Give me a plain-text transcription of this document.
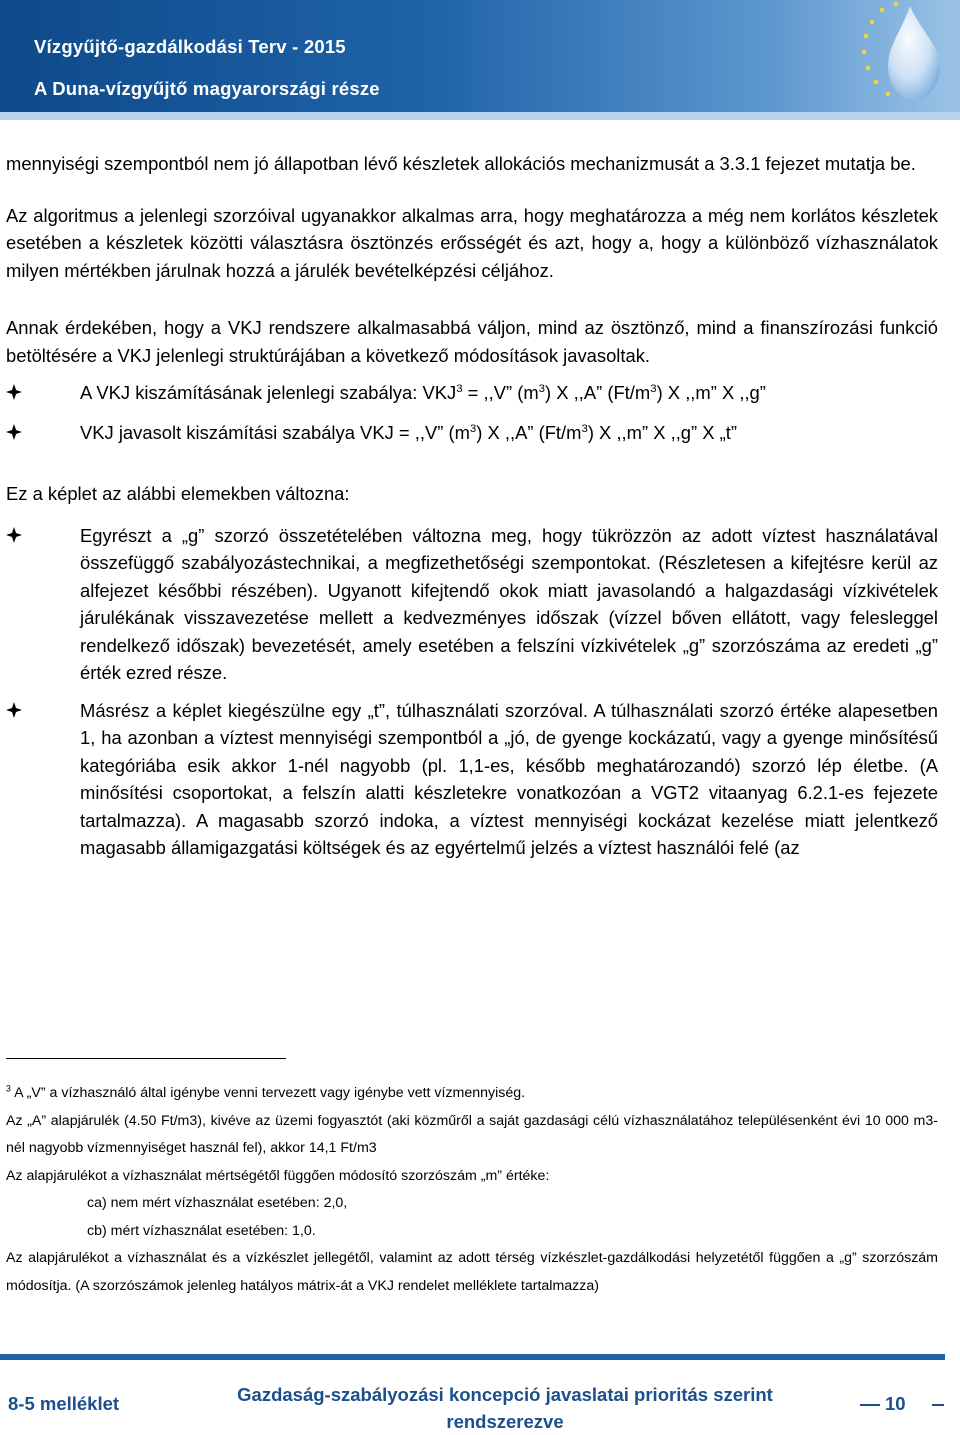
Vízgyűjtő-gazdálkodási Terv - 2015
A Duna-vízgyűjtő magyarországi része

mennyiségi szempontból nem jó állapotban lévő készletek allokációs mechanizmusát a 3.3.1 fejezet mutatja be.

Az algoritmus a jelenlegi szorzóival ugyanakkor alkalmas arra, hogy meghatározza a még nem korlátos készletek esetében a készletek közötti választásra ösztönzés erősségét és azt, hogy a, hogy a különböző vízhasználatok milyen mértékben járulnak hozzá a járulék bevételképzési céljához.

Annak érdekében, hogy a VKJ rendszere alkalmasabbá váljon, mind az ösztönző, mind a finanszírozási funkció betöltésére a VKJ jelenlegi struktúrájában a következő módosítások javasoltak.

A VKJ kiszámításának jelenlegi szabálya: $VKJ^3 = ,,V$” $(m^3)$ X ,,A” $(Ft/m^3)$ X ,,m” X ,,g”

VKJ javasolt kiszámítási szabálya VKJ = ,,V” $(m^3)$ X ,,A” $(Ft/m^3)$ X ,,m” X ,,g” X „t”

Ez a képlet az alábbi elemekben változna:

Egyrészt a „g” szorzó összetételében változna meg, hogy tükrözzön az adott víztest használatával összefüggő szabályozástechnikai, a megfizethetőségi szempontokat. (Részletesen a kifejtésre kerül az alfejezet későbbi részében). Ugyanott kifejtendő okok miatt javasolandó a halgazdasági vízkivételek járulékának visszavezetése mellett a kedvezményes időszak (vízzel bőven ellátott, vagy felesleggel rendelkező időszak) bevezetését, amely esetében a felszíni vízkivételek „g” szorzószáma az eredeti „g” érték ezred része.

Másrész a képlet kiegészülne egy „t”, túlhasználati szorzóval. A túlhasználati szorzó értéke alapesetben 1, ha azonban a víztest mennyiségi szempontból a „jó, de gyenge kockázatú, vagy a gyenge minősítésű kategóriába esik akkor 1-nél nagyobb (pl. 1,1-es, később meghatározandó) szorzó lép életbe. (A minősítési csoportokat, a felszín alatti készletekre vonatkozóan a VGT2 vitaanyag 6.2.1-es fejezete tartalmazza). A magasabb szorzó indoka, a víztest mennyiségi kockázat kezelése miatt jelentkező magasabb államigazgatási költségek és az egyértelmű jelzés a víztest használói felé (az

$^3$ A „V” a vízhasználó által igénybe venni tervezett vagy igénybe vett vízmennyiség.

Az „A” alapjárulék (4.50 Ft/m3), kivéve az üzemi fogyasztót (aki közműről a saját gazdasági célú vízhasználatához településenként évi 10 000 m3-nél nagyobb vízmennyiséget használ fel), akkor 14,1 Ft/m3

Az alapjárulékot a vízhasználat mértségétől függően módosító szorzószám „m” értéke:

ca) nem mért vízhasználat esetében: 2,0,

cb) mért vízhasználat esetében: 1,0.

Az alapjárulékot a vízhasználat és a vízkészlet jellegétől, valamint az adott térség vízkészlet-gazdálkodási helyzetétől függően a „g” szorzószám módosítja. (A szorzószámok jelenleg hatályos mátrix-át a VKJ rendelet melléklete tartalmazza)

8-5 melléklet	Gazdaság-szabályozási koncepció javaslatai prioritás szerint rendszerezve
10
